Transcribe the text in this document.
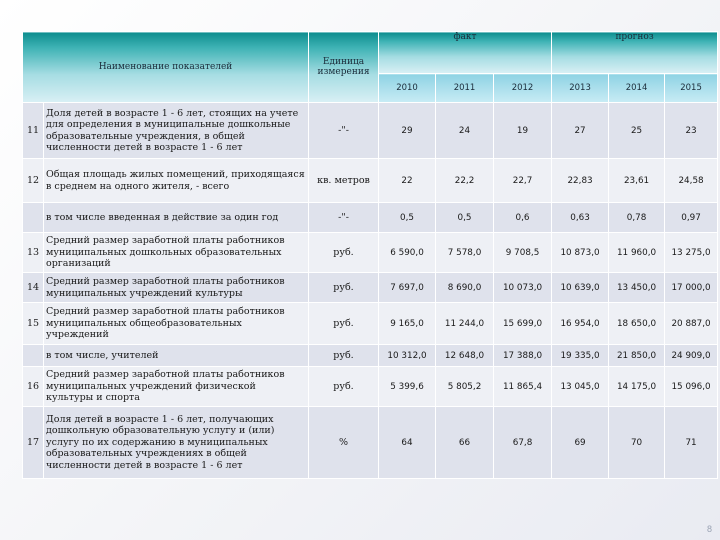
Наименование показателей		Единица измерения	факт			прогноз		
			2010	2011	2012	2013	2014	2015
11	Доля детей в возрасте 1 - 6 лет, стоящих на учете для определения в муниципальные дошкольные образовательные учреждения, в общей численности детей в возрасте 1 - 6 лет	-"-	29	24	19	27	25	23
12	Общая площадь жилых помещений, приходящаяся в среднем на одного жителя, - всего	кв. метров	22	22,2	22,7	22,83	23,61	24,58
	в том числе введенная в действие за один год	-"-	0,5	0,5	0,6	0,63	0,78	0,97
13	Средний размер заработной платы работников муниципальных дошкольных образовательных организаций	руб.	6 590,0	7 578,0	9 708,5	10 873,0	11 960,0	13 275,0
14	Средний размер заработной платы работников муниципальных учреждений культуры	руб.	7 697,0	8 690,0	10 073,0	10 639,0	13 450,0	17 000,0
15	Средний размер заработной платы работников муниципальных общеобразовательных учреждений	руб.	9 165,0	11 244,0	15 699,0	16 954,0	18 650,0	20 887,0
	в том числе, учителей	руб.	10 312,0	12 648,0	17 388,0	19 335,0	21 850,0	24 909,0
16	Средний размер заработной платы работников муниципальных учреждений физической культуры и спорта	руб.	5 399,6	5 805,2	11 865,4	13 045,0	14 175,0	15 096,0
17	Доля детей в возрасте 1 - 6 лет, получающих дошкольную образовательную услугу и (или) услугу по их содержанию в муниципальных образовательных учреждениях в общей численности детей в возрасте 1 - 6 лет	%	64	66	67,8	69	70	71
8
